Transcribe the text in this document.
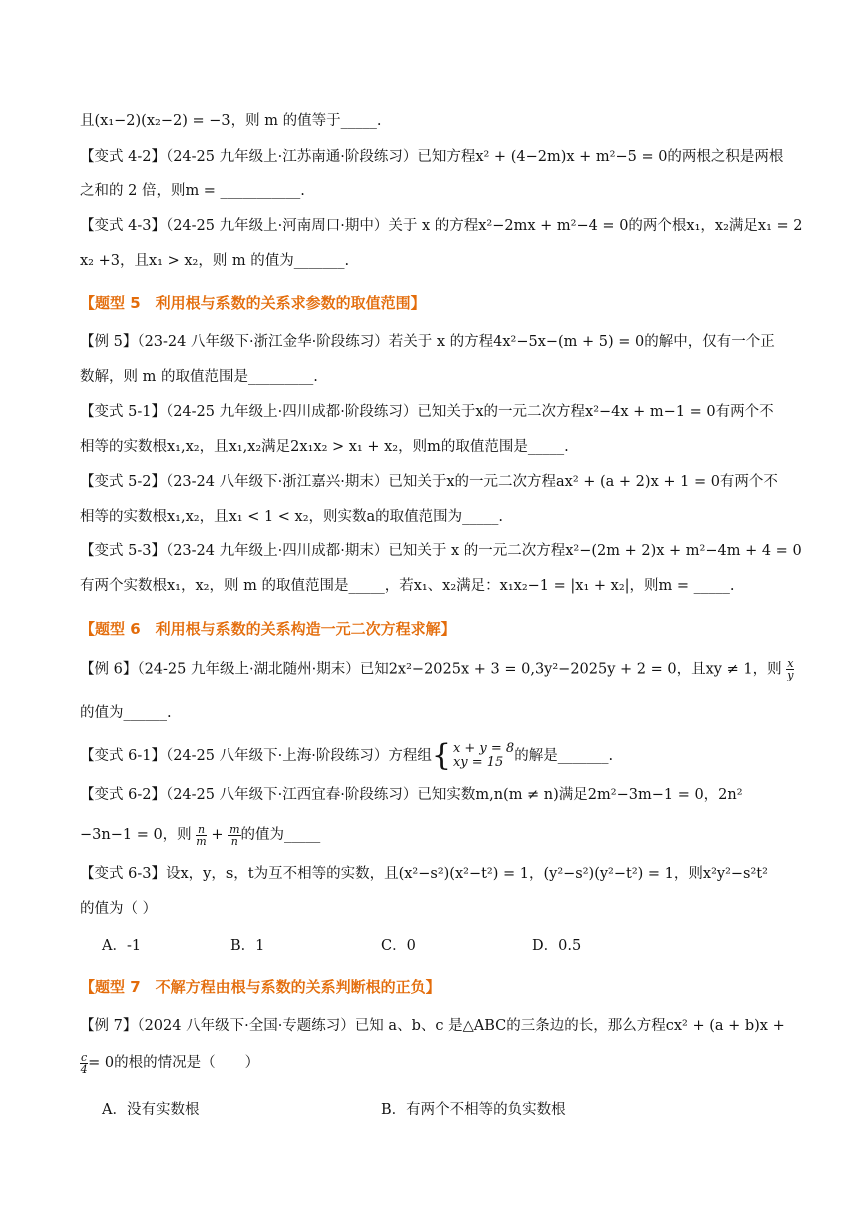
且(x₁−2)(x₂−2) = −3，则 m 的值等于_____.
【变式 4-2】（24-25 九年级上·江苏南通·阶段练习）已知方程x² + (4−2m)x + m²−5 = 0的两根之积是两根
之和的 2 倍，则m = ___________.
【变式 4-3】（24-25 九年级上·河南周口·期中）关于 x 的方程x²−2mx + m²−4 = 0的两个根x₁，x₂满足x₁ = 2
x₂ +3，且x₁ > x₂，则 m 的值为_______.
【题型 5　利用根与系数的关系求参数的取值范围】
【例 5】（23-24 八年级下·浙江金华·阶段练习）若关于 x 的方程4x²−5x−(m + 5) = 0的解中，仅有一个正
数解，则 m 的取值范围是_________.
【变式 5-1】（24-25 九年级上·四川成都·阶段练习）已知关于x的一元二次方程x²−4x + m−1 = 0有两个不
相等的实数根x₁,x₂，且x₁,x₂满足2x₁x₂ > x₁ + x₂，则m的取值范围是_____.
【变式 5-2】（23-24 八年级下·浙江嘉兴·期末）已知关于x的一元二次方程ax² + (a + 2)x + 1 = 0有两个不
相等的实数根x₁,x₂，且x₁ < 1 < x₂，则实数a的取值范围为_____.
【变式 5-3】（23-24 九年级上·四川成都·期末）已知关于 x 的一元二次方程x²−(2m + 2)x + m²−4m + 4 = 0
有两个实数根x₁，x₂，则 m 的取值范围是_____，若x₁、x₂满足：x₁x₂−1 = |x₁ + x₂|，则m = _____.
【题型 6　利用根与系数的关系构造一元二次方程求解】
【例 6】（24-25 九年级上·湖北随州·期末）已知2x²−2025x + 3 = 0,3y²−2025y + 2 = 0，且xy ≠ 1，则 $\frac{x}{y}$
的值为______.
【变式 6-1】（24-25 八年级下·上海·阶段练习）方程组{ x + y = 8
xy = 15 的解是_______.
【变式 6-2】（24-25 八年级下·江西宜春·阶段练习）已知实数m,n(m ≠ n)满足2m²−3m−1 = 0，2n²
−3n−1 = 0，则 $\frac{n}{m} + \frac{m}{n}$ 的值为_____
【变式 6-3】设x，y，s，t为互不相等的实数，且(x²−s²)(x²−t²) = 1，(y²−s²)(y²−t²) = 1，则x²y²−s²t²
的值为（ ）
A．-1	B．1	C．0	D．0.5
【题型 7　不解方程由根与系数的关系判断根的正负】
【例 7】（2024 八年级下·全国·专题练习）已知 a、b、c 是△ABC的三条边的长，那么方程cx² + (a + b)x +
$\frac{c}{4} = 0$的根的情况是（　　）
A．没有实数根	B．有两个不相等的负实数根
